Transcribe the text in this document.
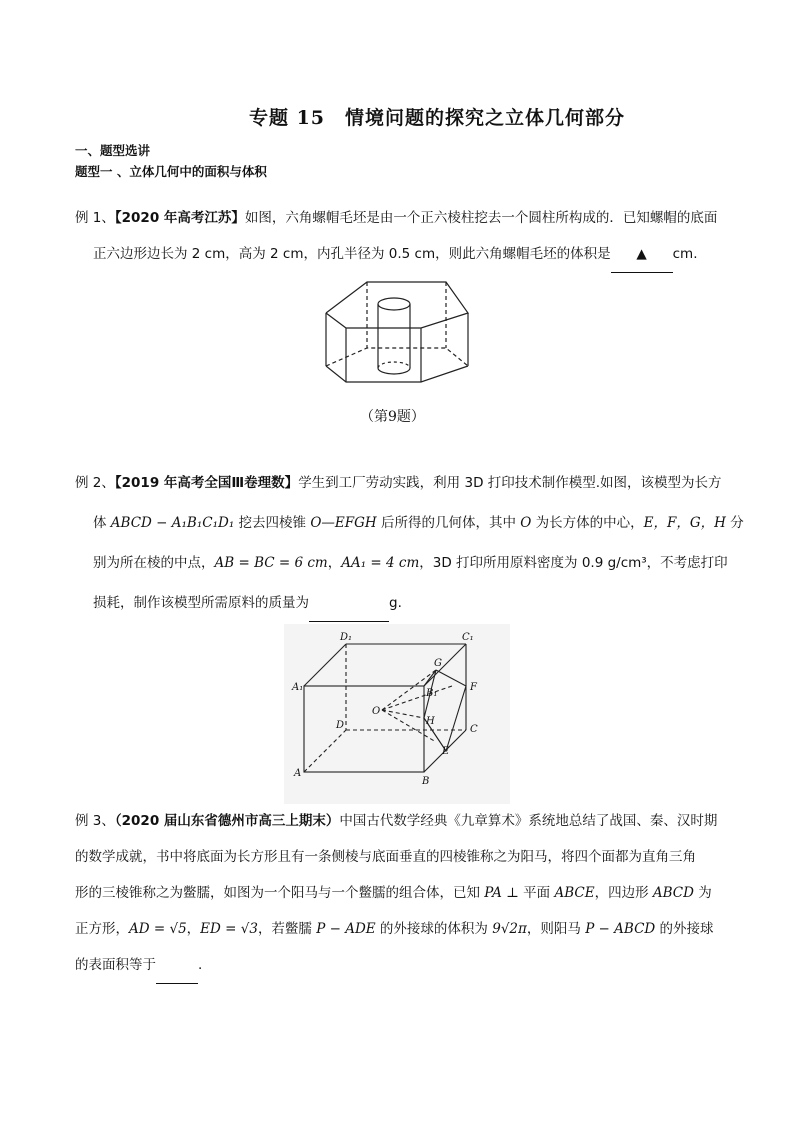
专题 15　情境问题的探究之立体几何部分
一、题型选讲
题型一 、立体几何中的面积与体积
例 1、【2020 年高考江苏】如图，六角螺帽毛坯是由一个正六棱柱挖去一个圆柱所构成的．已知螺帽的底面
正六边形边长为 2 cm，高为 2 cm，内孔半径为 0.5 cm，则此六角螺帽毛坯的体积是 ▲ cm.
（第9题）
例 2、【2019 年高考全国Ⅲ卷理数】学生到工厂劳动实践，利用 3D 打印技术制作模型.如图，该模型为长方
体 ABCD − A₁B₁C₁D₁ 挖去四棱锥 O—EFGH 后所得的几何体，其中 O 为长方体的中心，E，F，G，H 分
别为所在棱的中点，AB = BC = 6 cm，AA₁ = 4 cm，3D 打印所用原料密度为 0.9 g/cm³，不考虑打印
损耗，制作该模型所需原料的质量为	g.
D₁	C₁
A₁
B₁
G
F
O
D	H
C
E
A
B
例 3、（2020 届山东省德州市高三上期末）中国古代数学经典《九章算术》系统地总结了战国、秦、汉时期
的数学成就，书中将底面为长方形且有一条侧棱与底面垂直的四棱锥称之为阳马，将四个面都为直角三角
形的三棱锥称之为鳖臑，如图为一个阳马与一个鳖臑的组合体，已知 PA ⊥ 平面 ABCE，四边形 ABCD 为
正方形，AD = √5，ED = √3，若鳖臑 P − ADE 的外接球的体积为 9√2π，则阳马 P − ABCD 的外接球
的表面积等于	.
